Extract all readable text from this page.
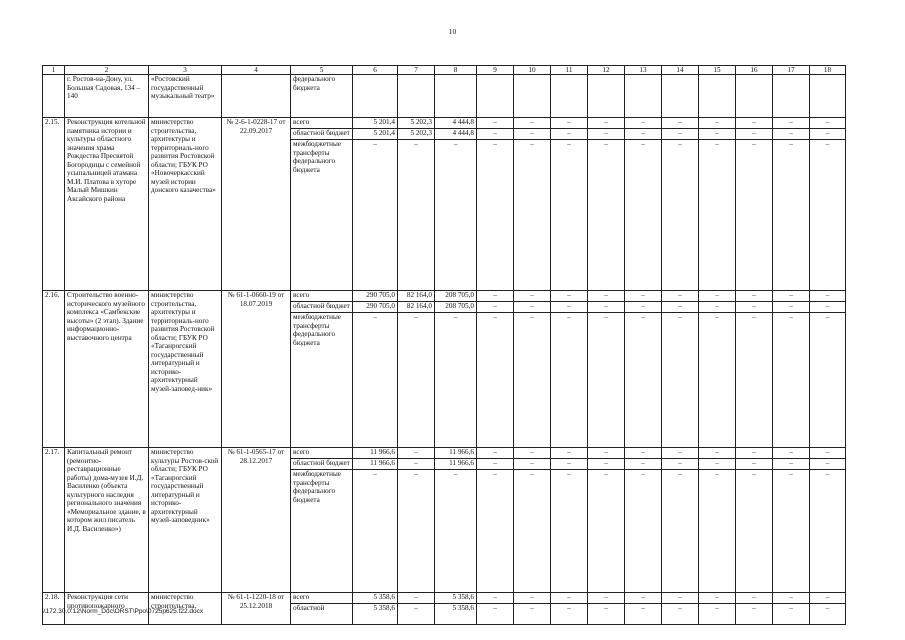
10
1	2	3	4	5	6	7	8	9	10	11	12	13	14	15	16	17	18
	г. Ростов-на-Дону, ул. Большая Садовая, 134 – 140	«Ростовский государственный музыкальный театр»		федерального бюджета													
2.15.	Реконструкция котельной памятника истории и культуры областного значения храма Рождества Пресвятой Богородицы с семейной усыпальницей атамана М.И. Платова в хуторе Малый Мишкин Аксайского района	министерство строительства, архитектуры и территориаль-ного развития Ростовской области; ГБУК РО «Новочеркасский музей истории донского казачества»	№ 2-6-1-0228-17 от 22.09.2017	всего	5 201,4	5 202,3	4 444,8	–	–	–	–	–	–	–	–	–	–
				областной бюджет	5 201,4	5 202,3	4 444,8	–	–	–	–	–	–	–	–	–	–
				межбюджетные трансферты федерального бюджета	–	–	–	–	–	–	–	–	–	–	–	–	–
2.16.	Строительство военно-исторического музейного комплекса «Самбекские высоты» (2 этап). Здание информационно-выставочного центра	министерство строительства, архитектуры и территориаль-ного развития Ростовской области; ГБУК РО «Таганрогский государственный литературный и историко-архитектурный музей-заповед-ник»	№ 61-1-0660-19 от 18.07.2019	всего	290 705,0	82 164,0	208 705,0	–	–	–	–	–	–	–	–	–	–
				областной бюджет	290 705,0	82 164,0	208 705,0	–	–	–	–	–	–	–	–	–	–
				межбюджетные трансферты федерального бюджета	–	–	–	–	–	–	–	–	–	–	–	–	–
2.17.	Капитальный ремонт (ремонтно-реставрационные работы) дома-музея И.Д. Василенко (объекта культурного наследия регионального значения «Мемориальное здание, в котором жил писатель И.Д. Василенко»)	министерство культуры Ростов-ской области; ГБУК РО «Таганрогский государственный литературный и историко-архитектурный музей-заповедник»	№ 61-1-0565-17 от 28.12.2017	всего	11 966,6	–	11 966,6	–	–	–	–	–	–	–	–	–	–
				областной бюджет	11 966,6	–	11 966,6	–	–	–	–	–	–	–	–	–	–
				межбюджетные трансферты федерального бюджета	–	–	–	–	–	–	–	–	–	–	–	–	–
2.18.	Реконструкция сети противопожарного	министерство строительства,	№ 61-1-1220-18 от 25.12.2018	всего	5 358,6	–	5 358,6	–	–	–	–	–	–	–	–	–	–
				областной	5 358,6	–	5 358,6	–	–	–	–	–	–	–	–	–	–
\\172.30.0.12\Norm_Doc\ORST\Ppo\0725p625.f22.docx
